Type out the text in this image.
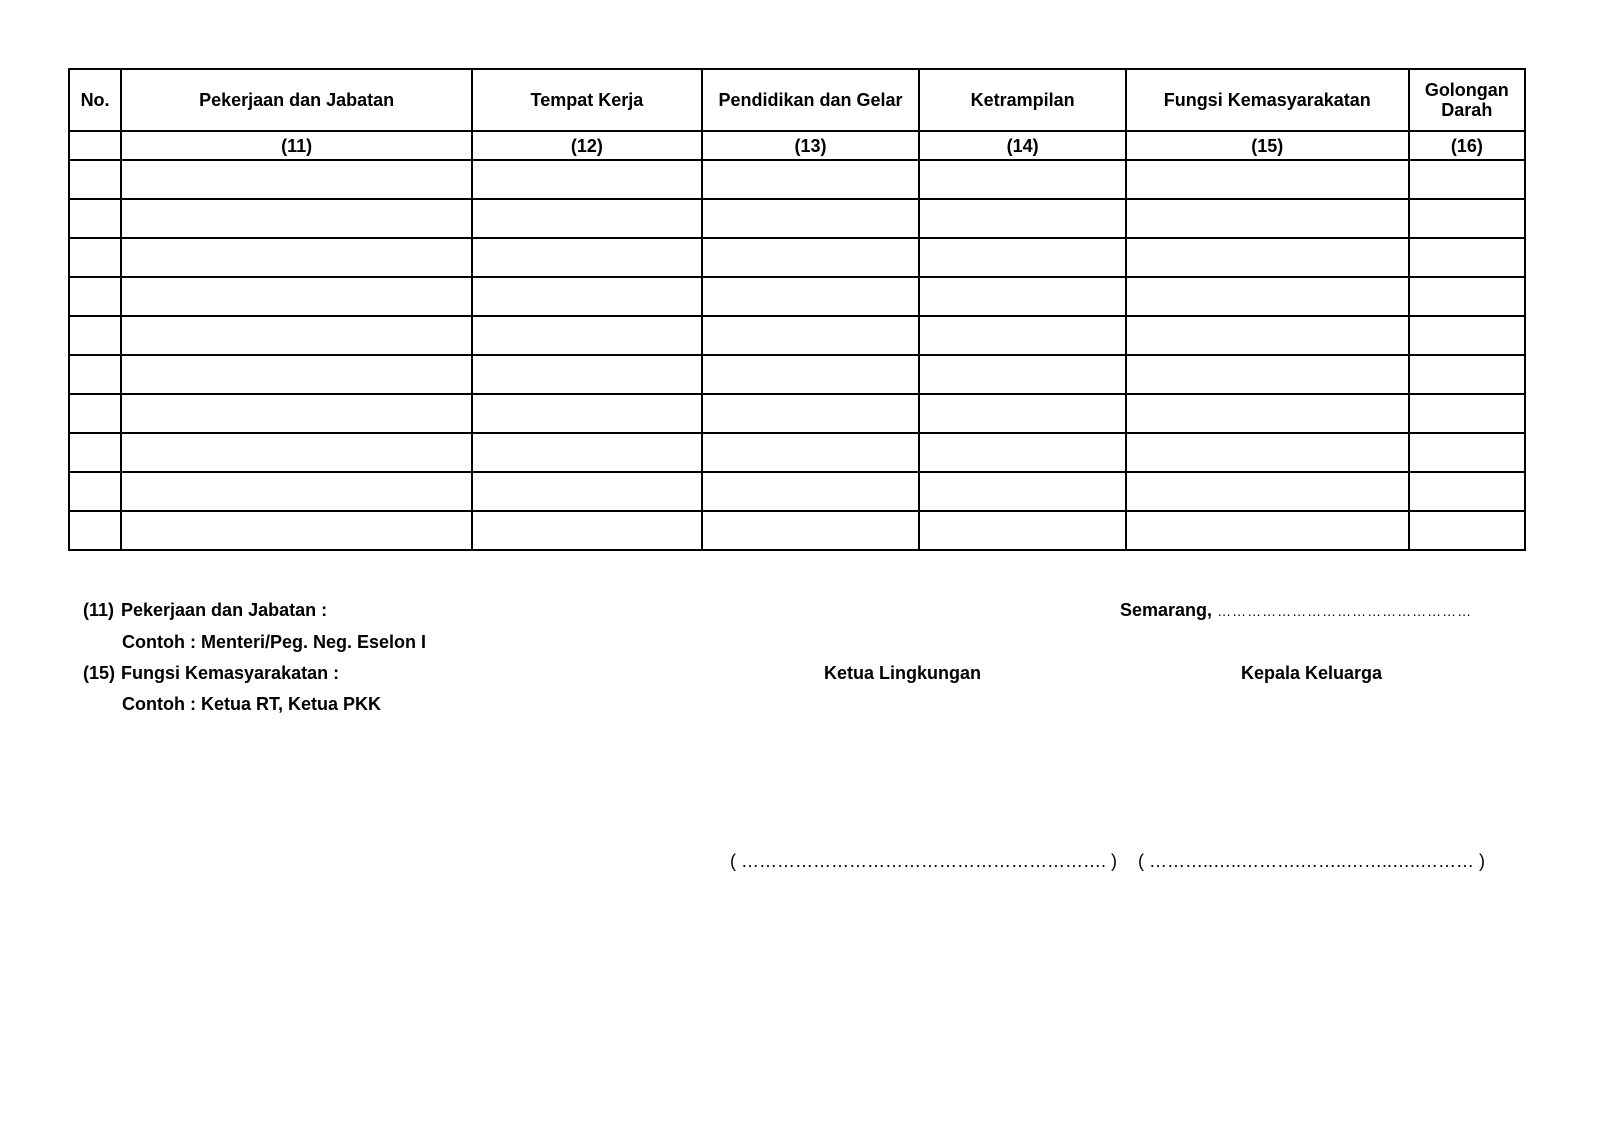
No.	Pekerjaan dan Jabatan	Tempat Kerja	Pendidikan dan Gelar	Ketrampilan	Fungsi Kemasyarakatan	Golongan Darah
	(11)	(12)	(13)	(14)	(15)	(16)

(11) Pekerjaan dan Jabatan :
Contoh : Menteri/Peg. Neg. Eselon I
(15) Fungsi Kemasyarakatan :
Contoh : Ketua RT, Ketua PKK
Semarang, ……………………………………………
Ketua Lingkungan	Kepala Keluarga
( ……………………………………………………. ) ( ………..…..……….……..……..…..……… )
